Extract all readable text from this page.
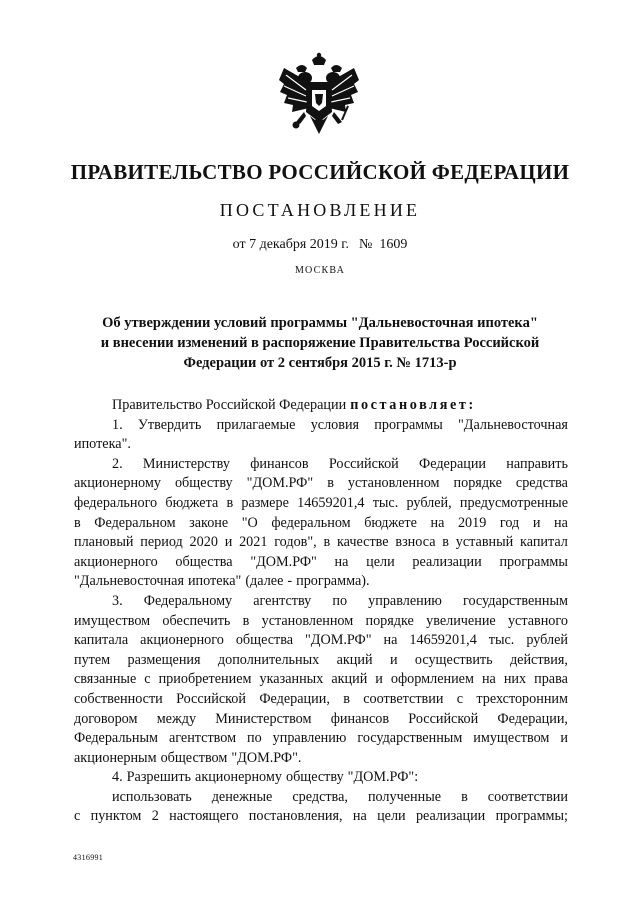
ПРАВИТЕЛЬСТВО РОССИЙСКОЙ ФЕДЕРАЦИИ
ПОСТАНОВЛЕНИЕ
от 7 декабря 2019 г. № 1609
МОСКВА
Об утверждении условий программы "Дальневосточная ипотека"
и внесении изменений в распоряжение Правительства Российской
Федерации от 2 сентября 2015 г. № 1713-р
Правительство Российской Федерации постановляет:
1. Утвердить прилагаемые условия программы "Дальневосточная
ипотека".
2. Министерству финансов Российской Федерации направить
акционерному обществу "ДОМ.РФ" в установленном порядке средства
федерального бюджета в размере 14659201,4 тыс. рублей, предусмотренные
в Федеральном законе "О федеральном бюджете на 2019 год и на
плановый период 2020 и 2021 годов", в качестве взноса в уставный капитал
акционерного общества "ДОМ.РФ" на цели реализации программы
"Дальневосточная ипотека" (далее - программа).
3. Федеральному агентству по управлению государственным
имуществом обеспечить в установленном порядке увеличение уставного
капитала акционерного общества "ДОМ.РФ" на 14659201,4 тыс. рублей
путем размещения дополнительных акций и осуществить действия,
связанные с приобретением указанных акций и оформлением на них права
собственности Российской Федерации, в соответствии с трехсторонним
договором между Министерством финансов Российской Федерации,
Федеральным агентством по управлению государственным имуществом и
акционерным обществом "ДОМ.РФ".
4. Разрешить акционерному обществу "ДОМ.РФ":
использовать денежные средства, полученные в соответствии
с пунктом 2 настоящего постановления, на цели реализации программы;
4316991
